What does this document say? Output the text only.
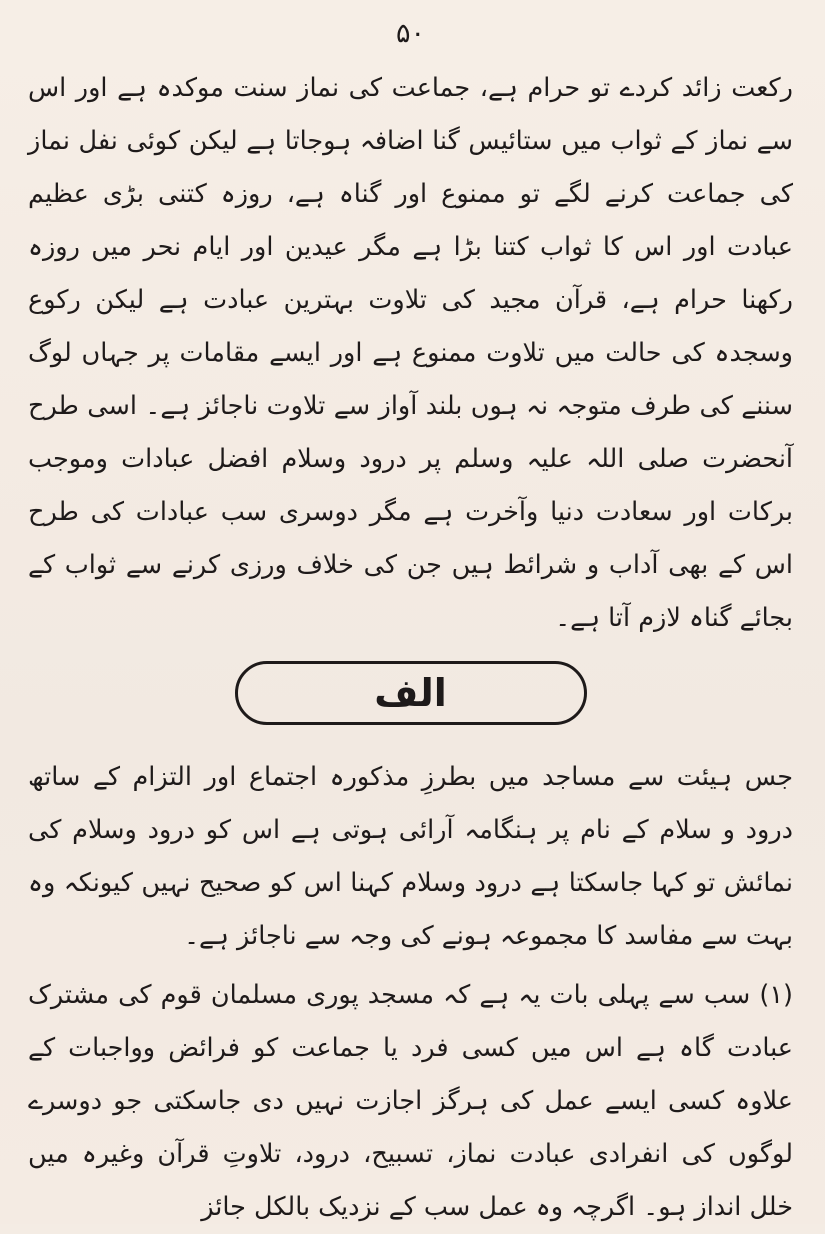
۵۰

رکعت زائد کردے تو حرام ہے، جماعت کی نماز سنت موکدہ ہے اور اس سے نماز کے ثواب میں ستائیس گنا اضافہ ہوجاتا ہے لیکن کوئی نفل نماز کی جماعت کرنے لگے تو ممنوع اور گناہ ہے، روزہ کتنی بڑی عظیم عبادت اور اس کا ثواب کتنا بڑا ہے مگر عیدین اور ایام نحر میں روزہ رکھنا حرام ہے، قرآن مجید کی تلاوت بہترین عبادت ہے لیکن رکوع وسجدہ کی حالت میں تلاوت ممنوع ہے اور ایسے مقامات پر جہاں لوگ سننے کی طرف متوجہ نہ ہوں بلند آواز سے تلاوت ناجائز ہے۔ اسی طرح آنحضرت صلی اللہ علیہ وسلم پر درود وسلام افضل عبادات وموجب برکات اور سعادت دنیا وآخرت ہے مگر دوسری سب عبادات کی طرح اس کے بھی آداب و شرائط ہیں جن کی خلاف ورزی کرنے سے ثواب کے بجائے گناہ لازم آتا ہے۔

الف

جس ہیئت سے مساجد میں بطرزِ مذکورہ اجتماع اور التزام کے ساتھ درود و سلام کے نام پر ہنگامہ آرائی ہوتی ہے اس کو درود وسلام کی نمائش تو کہا جاسکتا ہے درود وسلام کہنا اس کو صحیح نہیں کیونکہ وہ بہت سے مفاسد کا مجموعہ ہونے کی وجہ سے ناجائز ہے۔

(۱) سب سے پہلی بات یہ ہے کہ مسجد پوری مسلمان قوم کی مشترک عبادت گاہ ہے اس میں کسی فرد یا جماعت کو فرائض وواجبات کے علاوہ کسی ایسے عمل کی ہرگز اجازت نہیں دی جاسکتی جو دوسرے لوگوں کی انفرادی عبادت نماز، تسبیح، درود، تلاوتِ قرآن وغیرہ میں خلل انداز ہو۔ اگرچہ وہ عمل سب کے نزدیک بالکل جائز
